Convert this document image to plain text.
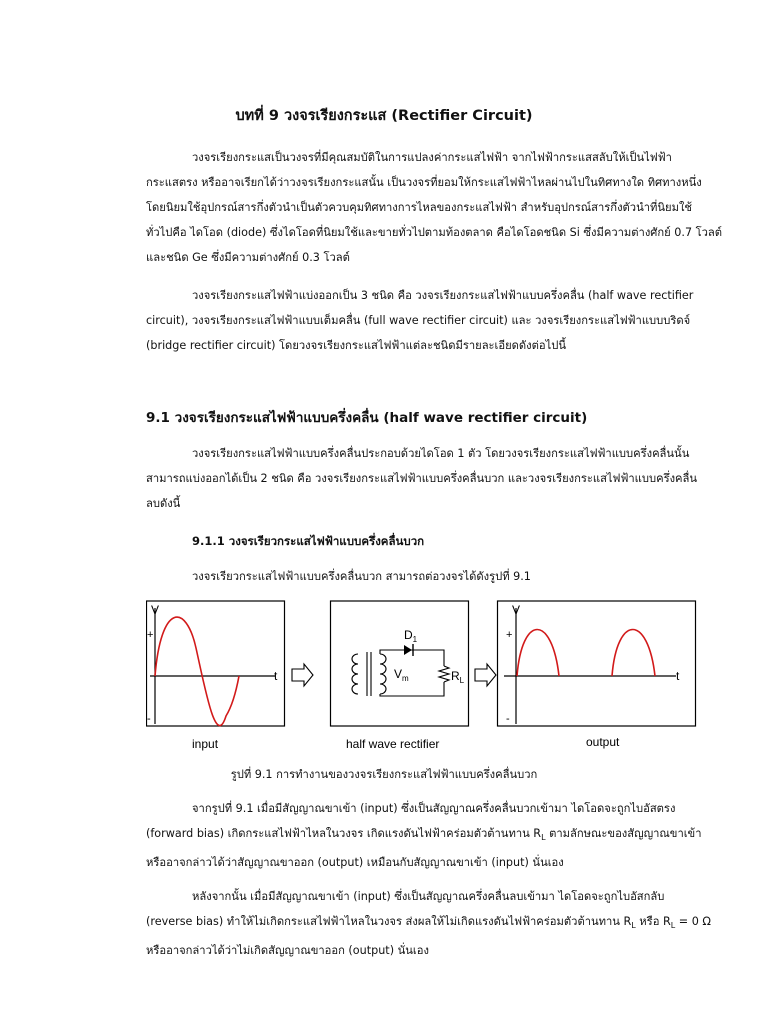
บทที่ 9 วงจรเรียงกระแส (Rectifier Circuit)
วงจรเรียงกระแสเป็นวงจรที่มีคุณสมบัติในการแปลงค่ากระแสไฟฟ้า จากไฟฟ้ากระแสสลับให้เป็นไฟฟ้า
กระแสตรง หรืออาจเรียกได้ว่าวงจรเรียงกระแสนั้น เป็นวงจรที่ยอมให้กระแสไฟฟ้าไหลผ่านไปในทิศทางใด ทิศทางหนึ่ง
โดยนิยมใช้อุปกรณ์สารกึ่งตัวนำเป็นตัวควบคุมทิศทางการไหลของกระแสไฟฟ้า สำหรับอุปกรณ์สารกึ่งตัวนำที่นิยมใช้
ทั่วไปคือ ไดโอด (diode) ซึ่งไดโอดที่นิยมใช้และขายทั่วไปตามท้องตลาด คือไดโอดชนิด Si ซึ่งมีความต่างศักย์ 0.7 โวลต์
และชนิด Ge ซึ่งมีความต่างศักย์ 0.3 โวลต์
วงจรเรียงกระแสไฟฟ้าแบ่งออกเป็น 3 ชนิด คือ วงจรเรียงกระแสไฟฟ้าแบบครึ่งคลื่น (half wave rectifier
circuit), วงจรเรียงกระแสไฟฟ้าแบบเต็มคลื่น (full wave rectifier circuit) และ วงจรเรียงกระแสไฟฟ้าแบบบริดจ์
(bridge rectifier circuit) โดยวงจรเรียงกระแสไฟฟ้าแต่ละชนิดมีรายละเอียดดังต่อไปนี้
9.1 วงจรเรียงกระแสไฟฟ้าแบบครึ่งคลื่น (half wave rectifier circuit)
วงจรเรียงกระแสไฟฟ้าแบบครึ่งคลื่นประกอบด้วยไดโอด 1 ตัว โดยวงจรเรียงกระแสไฟฟ้าแบบครึ่งคลื่นนั้น
สามารถแบ่งออกได้เป็น 2 ชนิด คือ วงจรเรียงกระแสไฟฟ้าแบบครึ่งคลื่นบวก และวงจรเรียงกระแสไฟฟ้าแบบครึ่งคลื่น
ลบดังนี้
9.1.1 วงจรเรียวกระแสไฟฟ้าแบบครึ่งคลื่นบวก
วงจรเรียวกระแสไฟฟ้าแบบครึ่งคลื่นบวก สามารถต่อวงจรได้ดังรูปที่ 9.1
V
+
-
t
input
$D_1$
$R_L$
$V_m$
half wave rectifier
V
+
-
t
output
รูปที่ 9.1 การทำงานของวงจรเรียงกระแสไฟฟ้าแบบครึ่งคลื่นบวก
จากรูปที่ 9.1 เมื่อมีสัญญาณขาเข้า (input) ซึ่งเป็นสัญญาณครึ่งคลื่นบวกเข้ามา ไดโอดจะถูกไบอัสตรง
(forward bias) เกิดกระแสไฟฟ้าไหลในวงจร เกิดแรงดันไฟฟ้าคร่อมตัวต้านทาน $R_L$ ตามลักษณะของสัญญาณขาเข้า
หรืออาจกล่าวได้ว่าสัญญาณขาออก (output) เหมือนกับสัญญาณขาเข้า (input) นั่นเอง
หลังจากนั้น เมื่อมีสัญญาณขาเข้า (input) ซึ่งเป็นสัญญาณครึ่งคลื่นลบเข้ามา ไดโอดจะถูกไบอัสกลับ
(reverse bias) ทำให้ไม่เกิดกระแสไฟฟ้าไหลในวงจร ส่งผลให้ไม่เกิดแรงดันไฟฟ้าคร่อมตัวต้านทาน $R_L$ หรือ $R_L = 0$ Ω
หรืออาจกล่าวได้ว่าไม่เกิดสัญญาณขาออก (output) นั่นเอง
